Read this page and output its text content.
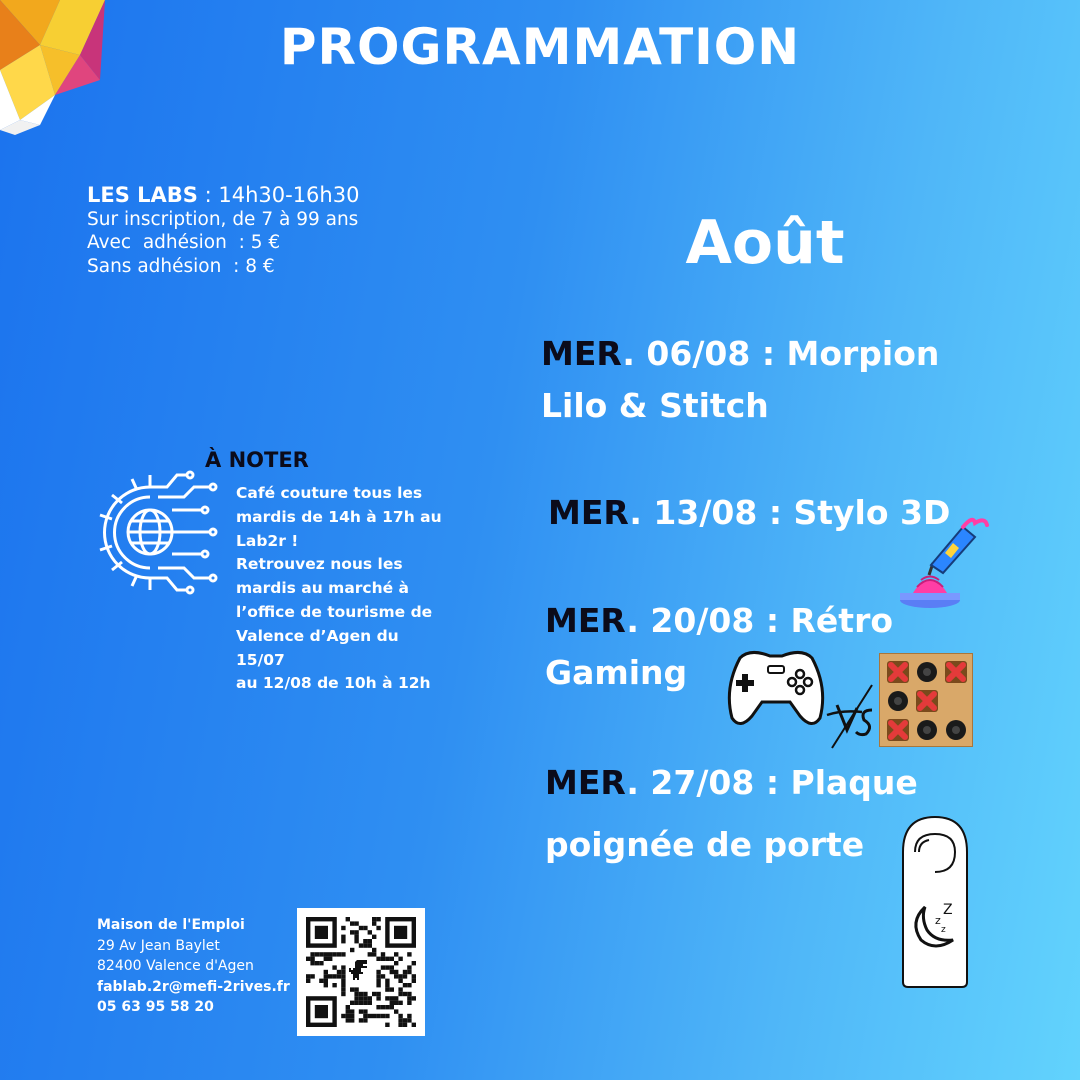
PROGRAMMATION
LES LABS : 14h30-16h30
Sur inscription, de 7 à 99 ans
Avec  adhésion  : 5 €
Sans adhésion  : 8 €	Août
MER. 06/08 : Morpion
Lilo & Stitch
MER. 13/08 : Stylo 3D
MER. 20/08 : Rétro
Gaming
MER. 27/08 : Plaque
poignée de porte
Z
z
z
À NOTER
Café couture tous les
mardis de 14h à 17h au
Lab2r !
Retrouvez nous les
mardis au marché à
l’office de tourisme de
Valence d’Agen du 15/07
au 12/08 de 10h à 12h
Maison de l'Emploi
29 Av Jean Baylet
82400 Valence d'Agen
fablab.2r@mefi-2rives.fr
05 63 95 58 20
